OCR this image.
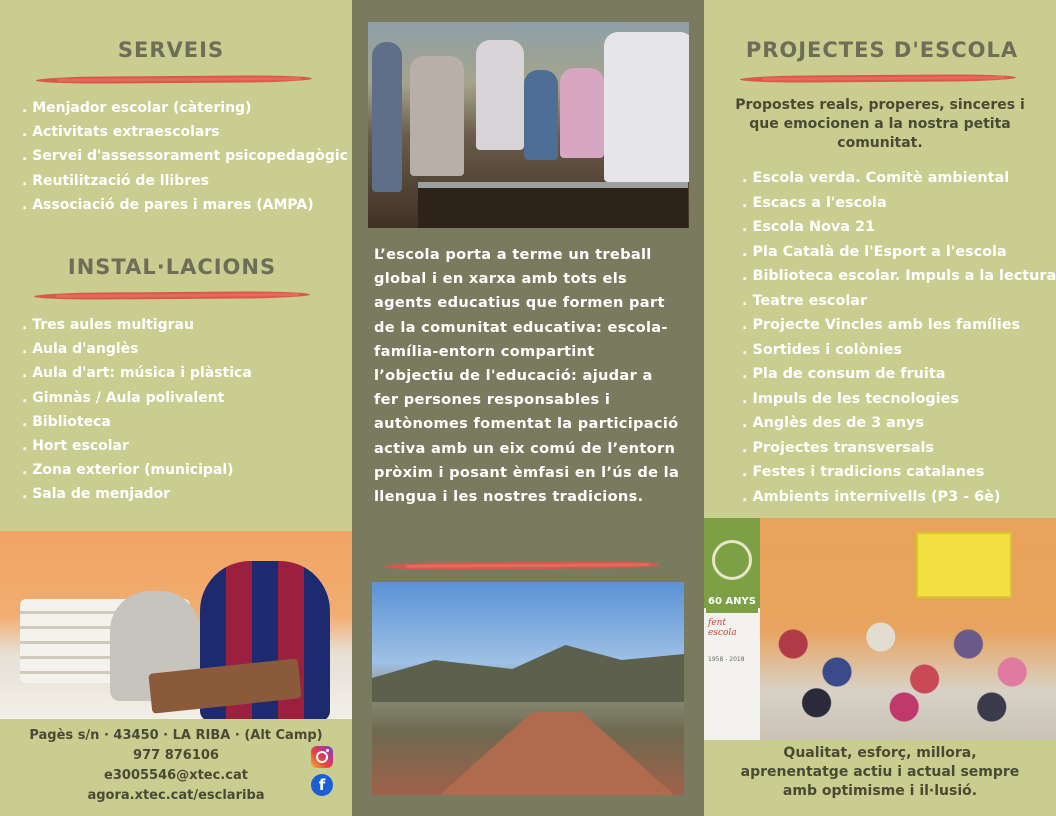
SERVEIS
. Menjador escolar (càtering)
. Activitats extraescolars
. Servei d'assessorament psicopedagògic
. Reutilització de llibres
. Associació de pares i mares (AMPA)
INSTAL·LACIONS
. Tres aules multigrau
. Aula d'anglès
. Aula d'art: música i plàstica
. Gimnàs / Aula polivalent
. Biblioteca
. Hort escolar
. Zona exterior (municipal)
. Sala de menjador
Pagès s/n · 43450 · LA RIBA · (Alt Camp)
977 876106
e3005546@xtec.cat
agora.xtec.cat/esclariba
f
L’escola porta a terme un treball
global i en xarxa amb tots els
agents educatius que formen part
de la comunitat educativa: escola-
família-entorn compartint
l’objectiu de l'educació: ajudar a
fer persones responsables i
autònomes fomentat la participació
activa amb un eix comú de l’entorn
pròxim i posant èmfasi en l’ús de la
llengua i les nostres tradicions.
PROJECTES D'ESCOLA
Propostes reals, properes, sinceres i
que emocionen a la nostra petita
comunitat.
. Escola verda. Comitè ambiental
. Escacs a l'escola
. Escola Nova 21
. Pla Català de l'Esport a l'escola
. Biblioteca escolar. Impuls a la lectura
. Teatre escolar
. Projecte Vincles amb les famílies
. Sortides i colònies
. Pla de consum de fruita
. Impuls de les tecnologies
. Anglès des de 3 anys
. Projectes transversals
. Festes i tradicions catalanes
. Ambients internivells (P3 - 6è)
Qualitat, esforç, millora,
aprenentatge actiu i actual sempre
amb optimisme i il·lusió.
60 ANYS
fent escola
1958 - 2018
